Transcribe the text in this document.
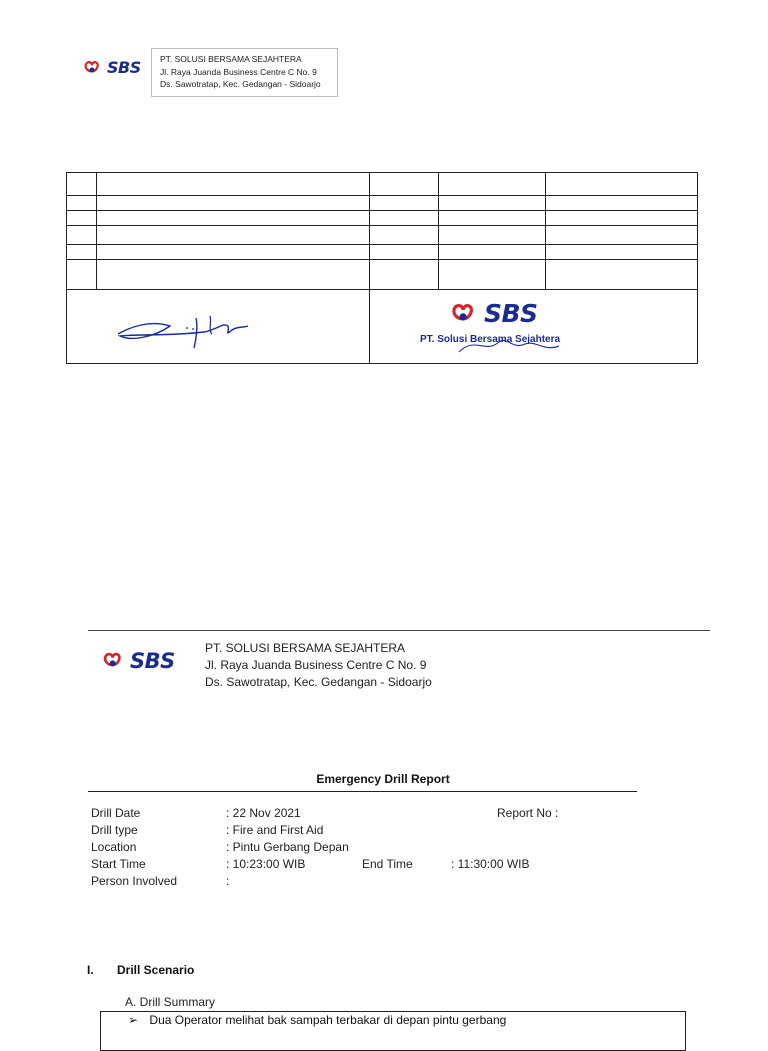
SBS PT. SOLUSI BERSAMA SEJAHTERA
Jl. Raya Juanda Business Centre C No. 9
Ds. Sawotratap, Kec. Gedangan - Sidoarjo

SBS
PT. Solusi Bersama Sejahtera		
SBS
PT. SOLUSI BERSAMA SEJAHTERA
Jl. Raya Juanda Business Centre C No. 9
Ds. Sawotratap, Kec. Gedangan - Sidoarjo
Emergency Drill Report
Drill Date	: 22 Nov 2021	Report No :
Drill type	: Fire and First Aid
Location	: Pintu Gerbang Depan
Start Time	: 10:23:00 WIB	End Time	: 11:30:00 WIB
Person Involved	:
I. Drill Scenario
A. Drill Summary
➢ Dua Operator melihat bak sampah terbakar di depan pintu gerbang
